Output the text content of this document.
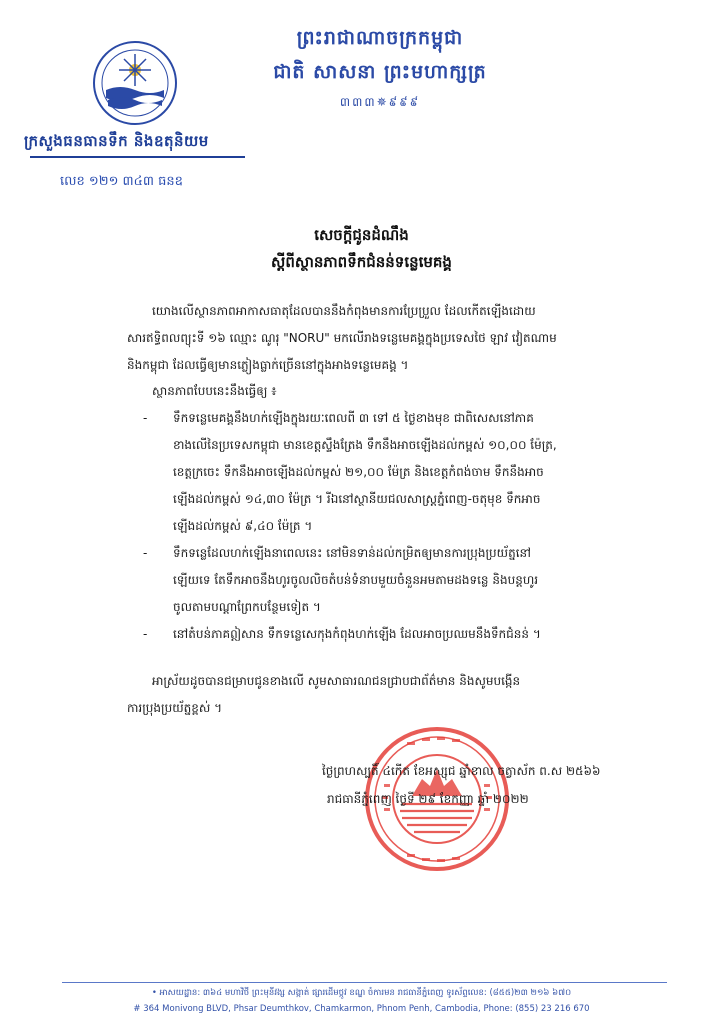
ព្រះរាជាណាចក្រកម្ពុជា
ជាតិ សាសនា ព្រះមហាក្សត្រ
៣៣៣✵៩៩៩
ក្រសួងធនធានទឹក និងឧតុនិយម
លេខ ១២១ ៣៤៣ ធនឧ
សេចក្តីជូនដំណឹង
ស្តីពីស្ថានភាពទឹកជំនន់ទន្លេមេគង្គ
យោងលើស្ថានភាពអាកាសធាតុដែលបាននឹងកំពុងមានការប្រែប្រួល ដែលកើតឡើងដោយ
សារឥទ្ធិពលព្យុះទី ១៦ ឈ្មោះ ណូរុ "NORU" មកលើរាងទន្លេមេគង្គក្នុងប្រទេសថៃ ឡាវ វៀតណាម
និងកម្ពុជា ដែលធ្វើឲ្យមានភ្លៀងធ្លាក់ច្រើននៅក្នុងអាងទន្លេមេគង្គ ។
ស្ថានភាពបែបនេះនឹងធ្វើឲ្យ ៖
- ទឹកទន្លេមេគង្គនឹងហក់ឡើងក្នុងរយៈពេលពី ៣ ទៅ ៥ ថ្ងៃខាងមុខ ជាពិសេសនៅភាគ
ខាងលើនៃប្រទេសកម្ពុជា មានខេត្តស្ទឹងត្រែង ទឹកនឹងអាចឡើងដល់កម្ពស់ ១០,០០ ម៉ែត្រ,
ខេត្តក្រចេះ ទឹកនឹងអាចឡើងដល់កម្ពស់ ២១,០០ ម៉ែត្រ និងខេត្តកំពង់ចាម ទឹកនឹងអាច
ឡើងដល់កម្ពស់ ១៤,៣០ ម៉ែត្រ ។ រីឯនៅស្ថានីយជលសាស្ត្រភ្នំពេញ-ចតុមុខ ទឹកអាច
ឡើងដល់កម្ពស់ ៩,៤០ ម៉ែត្រ ។
- ទឹកទន្លេដែលហក់ឡើងនាពេលនេះ នៅមិនទាន់ដល់កម្រិតឲ្យមានការប្រុងប្រយ័ត្ននៅ
ឡើយទេ តែទឹកអាចនឹងហូរចូលលិចតំបន់ទំនាបមួយចំនួនអមតាមដងទន្លេ និងបន្តហូរ
ចូលតាមបណ្តាព្រែកបន្ថែមទៀត ។
- នៅតំបន់ភាគឦសាន ទឹកទន្លេសេកុងកំពុងហក់ឡើង ដែលអាចប្រឈមនឹងទឹកជំនន់ ។
អាស្រ័យដូចបានជម្រាបជូនខាងលើ សូមសាធារណជនជ្រាបជាព័ត៌មាន និងសូមបង្កើន
ការប្រុងប្រយ័ត្នខ្ពស់ ។
ថ្ងៃព្រហស្បតិ៍ ៤កើត ខែអស្សុជ ឆ្នាំខាល ចត្វាស័ក ព.ស ២៥៦៦
រាជធានីភ្នំពេញ ថ្ងៃទី ២៩ ខែកញ្ញា ឆ្នាំ ២០២២
• អាសយដ្ឋាន: ៣៦៤ មហាវិថី ព្រះមុនីវង្ស សង្កាត់ ផ្សារដើមថ្កូវ ខណ្ឌ ចំការមន រាជធានីភ្នំពេញ ទូរស័ព្ទលេខ: (៨៥៥)២៣ ២១៦ ៦៧០
# 364 Monivong BLVD, Phsar Deumthkov, Chamkarmon, Phnom Penh, Cambodia, Phone: (855) 23 216 670
